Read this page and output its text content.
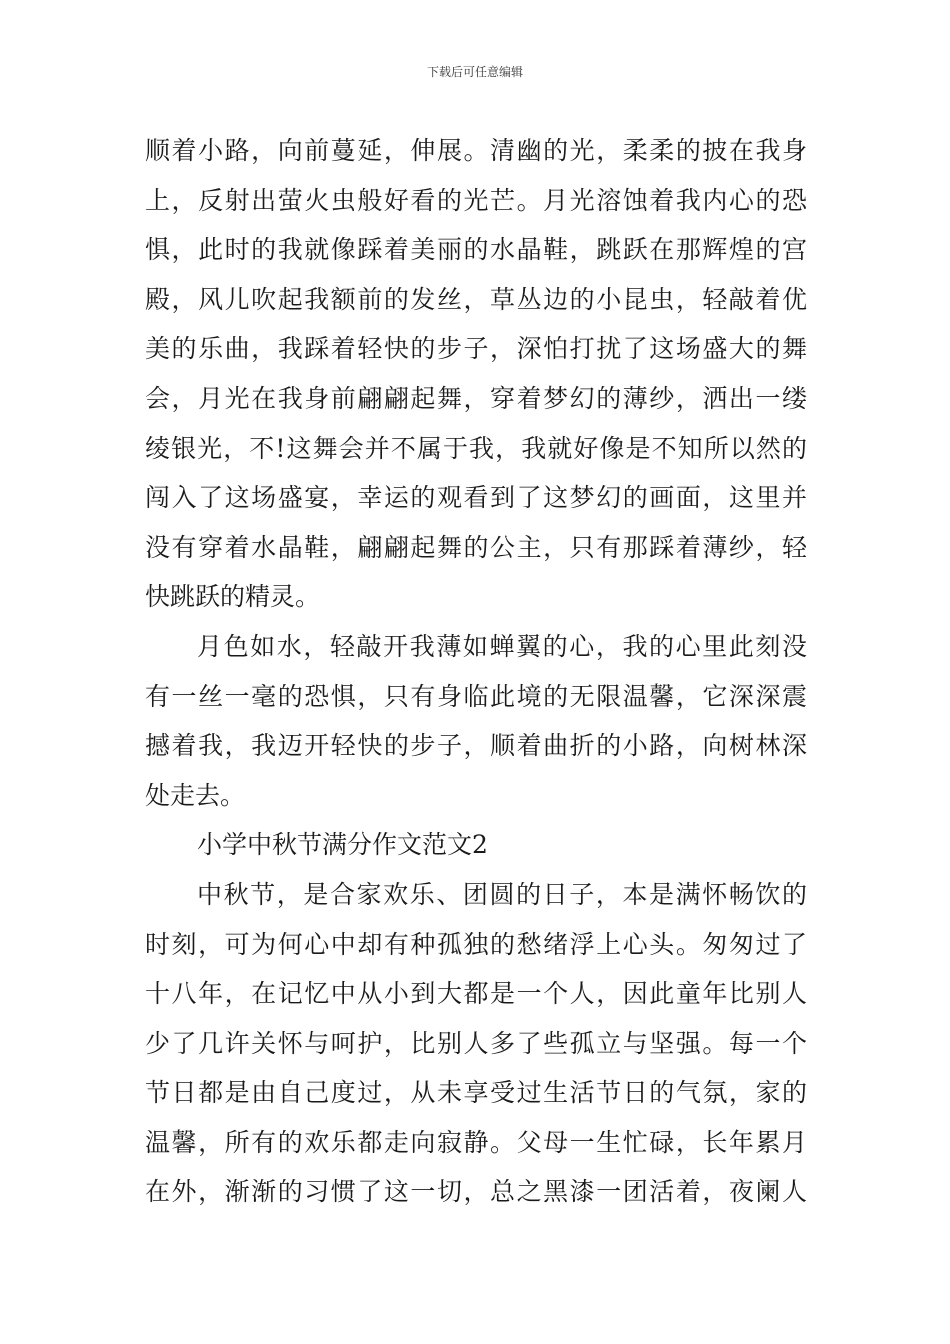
下载后可任意编辑
顺着小路，向前蔓延，伸展。清幽的光，柔柔的披在我身
上，反射出萤火虫般好看的光芒。月光溶蚀着我内心的恐
惧，此时的我就像踩着美丽的水晶鞋，跳跃在那辉煌的宫
殿，风儿吹起我额前的发丝，草丛边的小昆虫，轻敲着优
美的乐曲，我踩着轻快的步子，深怕打扰了这场盛大的舞
会，月光在我身前翩翩起舞，穿着梦幻的薄纱，洒出一缕
绫银光，不!这舞会并不属于我，我就好像是不知所以然的
闯入了这场盛宴，幸运的观看到了这梦幻的画面，这里并
没有穿着水晶鞋，翩翩起舞的公主，只有那踩着薄纱，轻
快跳跃的精灵。
月色如水，轻敲开我薄如蝉翼的心，我的心里此刻没
有一丝一毫的恐惧，只有身临此境的无限温馨，它深深震
撼着我，我迈开轻快的步子，顺着曲折的小路，向树林深
处走去。
小学中秋节满分作文范文2
中秋节，是合家欢乐、团圆的日子，本是满怀畅饮的
时刻，可为何心中却有种孤独的愁绪浮上心头。匆匆过了
十八年，在记忆中从小到大都是一个人，因此童年比别人
少了几许关怀与呵护，比别人多了些孤立与坚强。每一个
节日都是由自己度过，从未享受过生活节日的气氛，家的
温馨，所有的欢乐都走向寂静。父母一生忙碌，长年累月
在外，渐渐的习惯了这一切，总之黑漆一团活着，夜阑人
